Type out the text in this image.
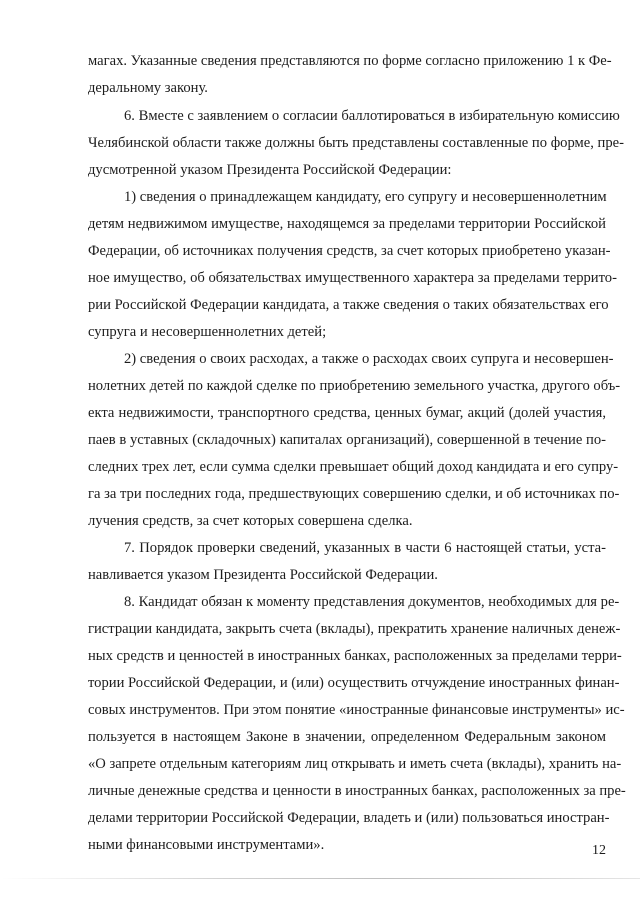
магах. Указанные сведения представляются по форме согласно приложению 1 к Фе-
деральному закону.
6. Вместе с заявлением о согласии баллотироваться в избирательную комиссию
Челябинской области также должны быть представлены составленные по форме, пре-
дусмотренной указом Президента Российской Федерации:
1) сведения о принадлежащем кандидату, его супругу и несовершеннолетним
детям недвижимом имуществе, находящемся за пределами территории Российской
Федерации, об источниках получения средств, за счет которых приобретено указан-
ное имущество, об обязательствах имущественного характера за пределами террито-
рии Российской Федерации кандидата, а также сведения о таких обязательствах его
супруга и несовершеннолетних детей;
2) сведения о своих расходах, а также о расходах своих супруга и несовершен-
нолетних детей по каждой сделке по приобретению земельного участка, другого объ-
екта недвижимости, транспортного средства, ценных бумаг, акций (долей участия,
паев в уставных (складочных) капиталах организаций), совершенной в течение по-
следних трех лет, если сумма сделки превышает общий доход кандидата и его супру-
га за три последних года, предшествующих совершению сделки, и об источниках по-
лучения средств, за счет которых совершена сделка.
7. Порядок проверки сведений, указанных в части 6 настоящей статьи, уста-
навливается указом Президента Российской Федерации.
8. Кандидат обязан к моменту представления документов, необходимых для ре-
гистрации кандидата, закрыть счета (вклады), прекратить хранение наличных денеж-
ных средств и ценностей в иностранных банках, расположенных за пределами терри-
тории Российской Федерации, и (или) осуществить отчуждение иностранных финан-
совых инструментов. При этом понятие «иностранные финансовые инструменты» ис-
пользуется в настоящем Законе в значении, определенном Федеральным законом
«О запрете отдельным категориям лиц открывать и иметь счета (вклады), хранить на-
личные денежные средства и ценности в иностранных банках, расположенных за пре-
делами территории Российской Федерации, владеть и (или) пользоваться иностран-
ными финансовыми инструментами».	12
